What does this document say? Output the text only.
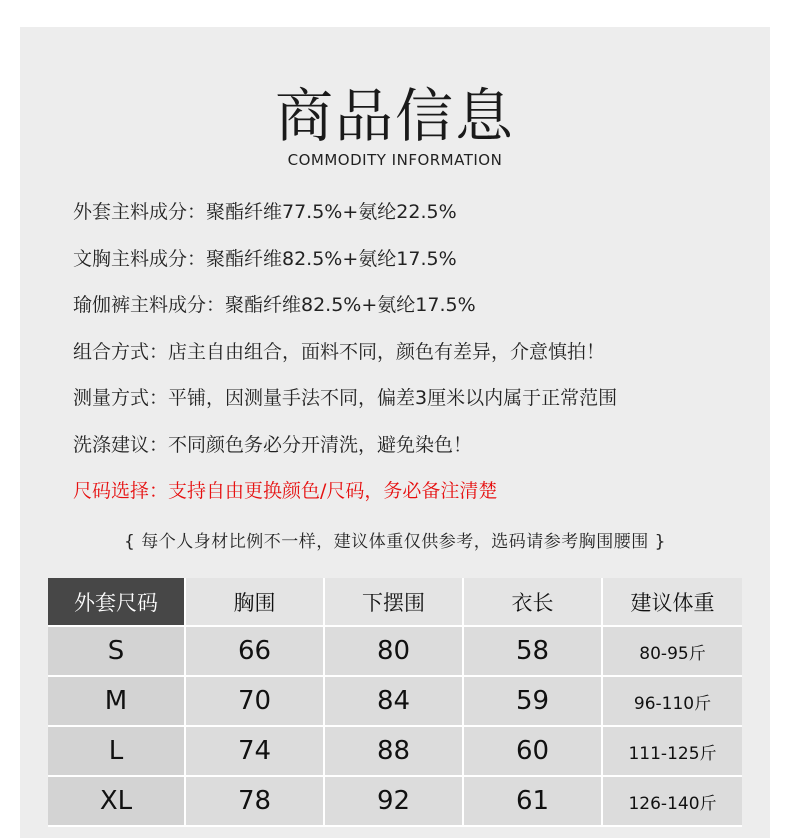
商品信息
COMMODITY INFORMATION
外套主料成分：聚酯纤维77.5%+氨纶22.5%
文胸主料成分：聚酯纤维82.5%+氨纶17.5%
瑜伽裤主料成分：聚酯纤维82.5%+氨纶17.5%
组合方式：店主自由组合，面料不同，颜色有差异，介意慎拍！
测量方式：平铺，因测量手法不同，偏差3厘米以内属于正常范围
洗涤建议：不同颜色务必分开清洗，避免染色！
尺码选择：支持自由更换颜色/尺码，务必备注清楚
{ 每个人身材比例不一样，建议体重仅供参考，选码请参考胸围腰围 }
外套尺码	胸围	下摆围	衣长	建议体重
S	66	80	58	80-95斤
M	70	84	59	96-110斤
L	74	88	60	111-125斤
XL	78	92	61	126-140斤
